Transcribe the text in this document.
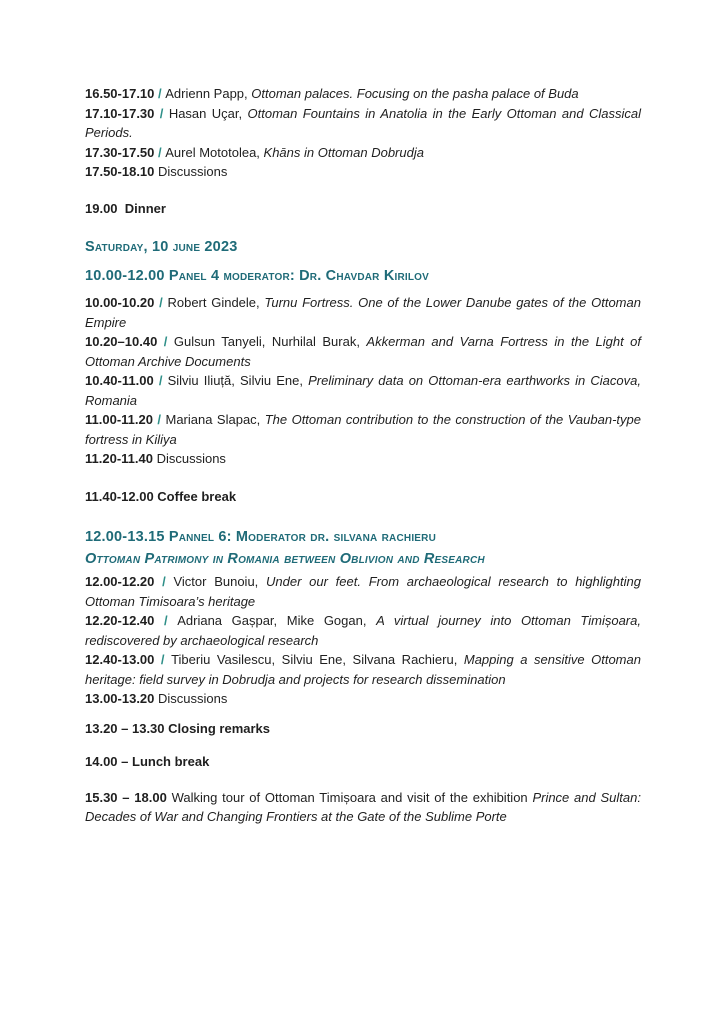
16.50-17.10 / Adrienn Papp, Ottoman palaces. Focusing on the pasha palace of Buda

17.10-17.30 / Hasan Uçar, Ottoman Fountains in Anatolia in the Early Ottoman and Classical Periods.

17.30-17.50 / Aurel Mototolea, Khāns in Ottoman Dobrudja

17.50-18.10 Discussions

19.00  Dinner

Saturday, 10 june 2023

10.00-12.00 Panel 4 moderator: Dr. Chavdar Kirilov

10.00-10.20 / Robert Gindele, Turnu Fortress. One of the Lower Danube gates of the Ottoman Empire

10.20–10.40 / Gulsun Tanyeli, Nurhilal Burak, Akkerman and Varna Fortress in the Light of Ottoman Archive Documents

10.40-11.00 / Silviu Iliuță, Silviu Ene, Preliminary data on Ottoman-era earthworks in Ciacova, Romania

11.00-11.20 / Mariana Slapac, The Ottoman contribution to the construction of the Vauban-type fortress in Kiliya

11.20-11.40 Discussions

11.40-12.00 Coffee break

12.00-13.15 Pannel 6: Moderator dr. silvana rachieru

Ottoman Patrimony in Romania between Oblivion and Research

12.00-12.20 / Victor Bunoiu, Under our feet. From archaeological research to highlighting Ottoman Timisoara’s heritage

12.20-12.40 / Adriana Gașpar, Mike Gogan, A virtual journey into Ottoman Timișoara, rediscovered by archaeological research

12.40-13.00 / Tiberiu Vasilescu, Silviu Ene, Silvana Rachieru, Mapping a sensitive Ottoman heritage: field survey in Dobrudja and projects for research dissemination

13.00-13.20 Discussions

13.20 – 13.30 Closing remarks

14.00 – Lunch break

15.30 – 18.00 Walking tour of Ottoman Timișoara and visit of the exhibition Prince and Sultan: Decades of War and Changing Frontiers at the Gate of the Sublime Porte
